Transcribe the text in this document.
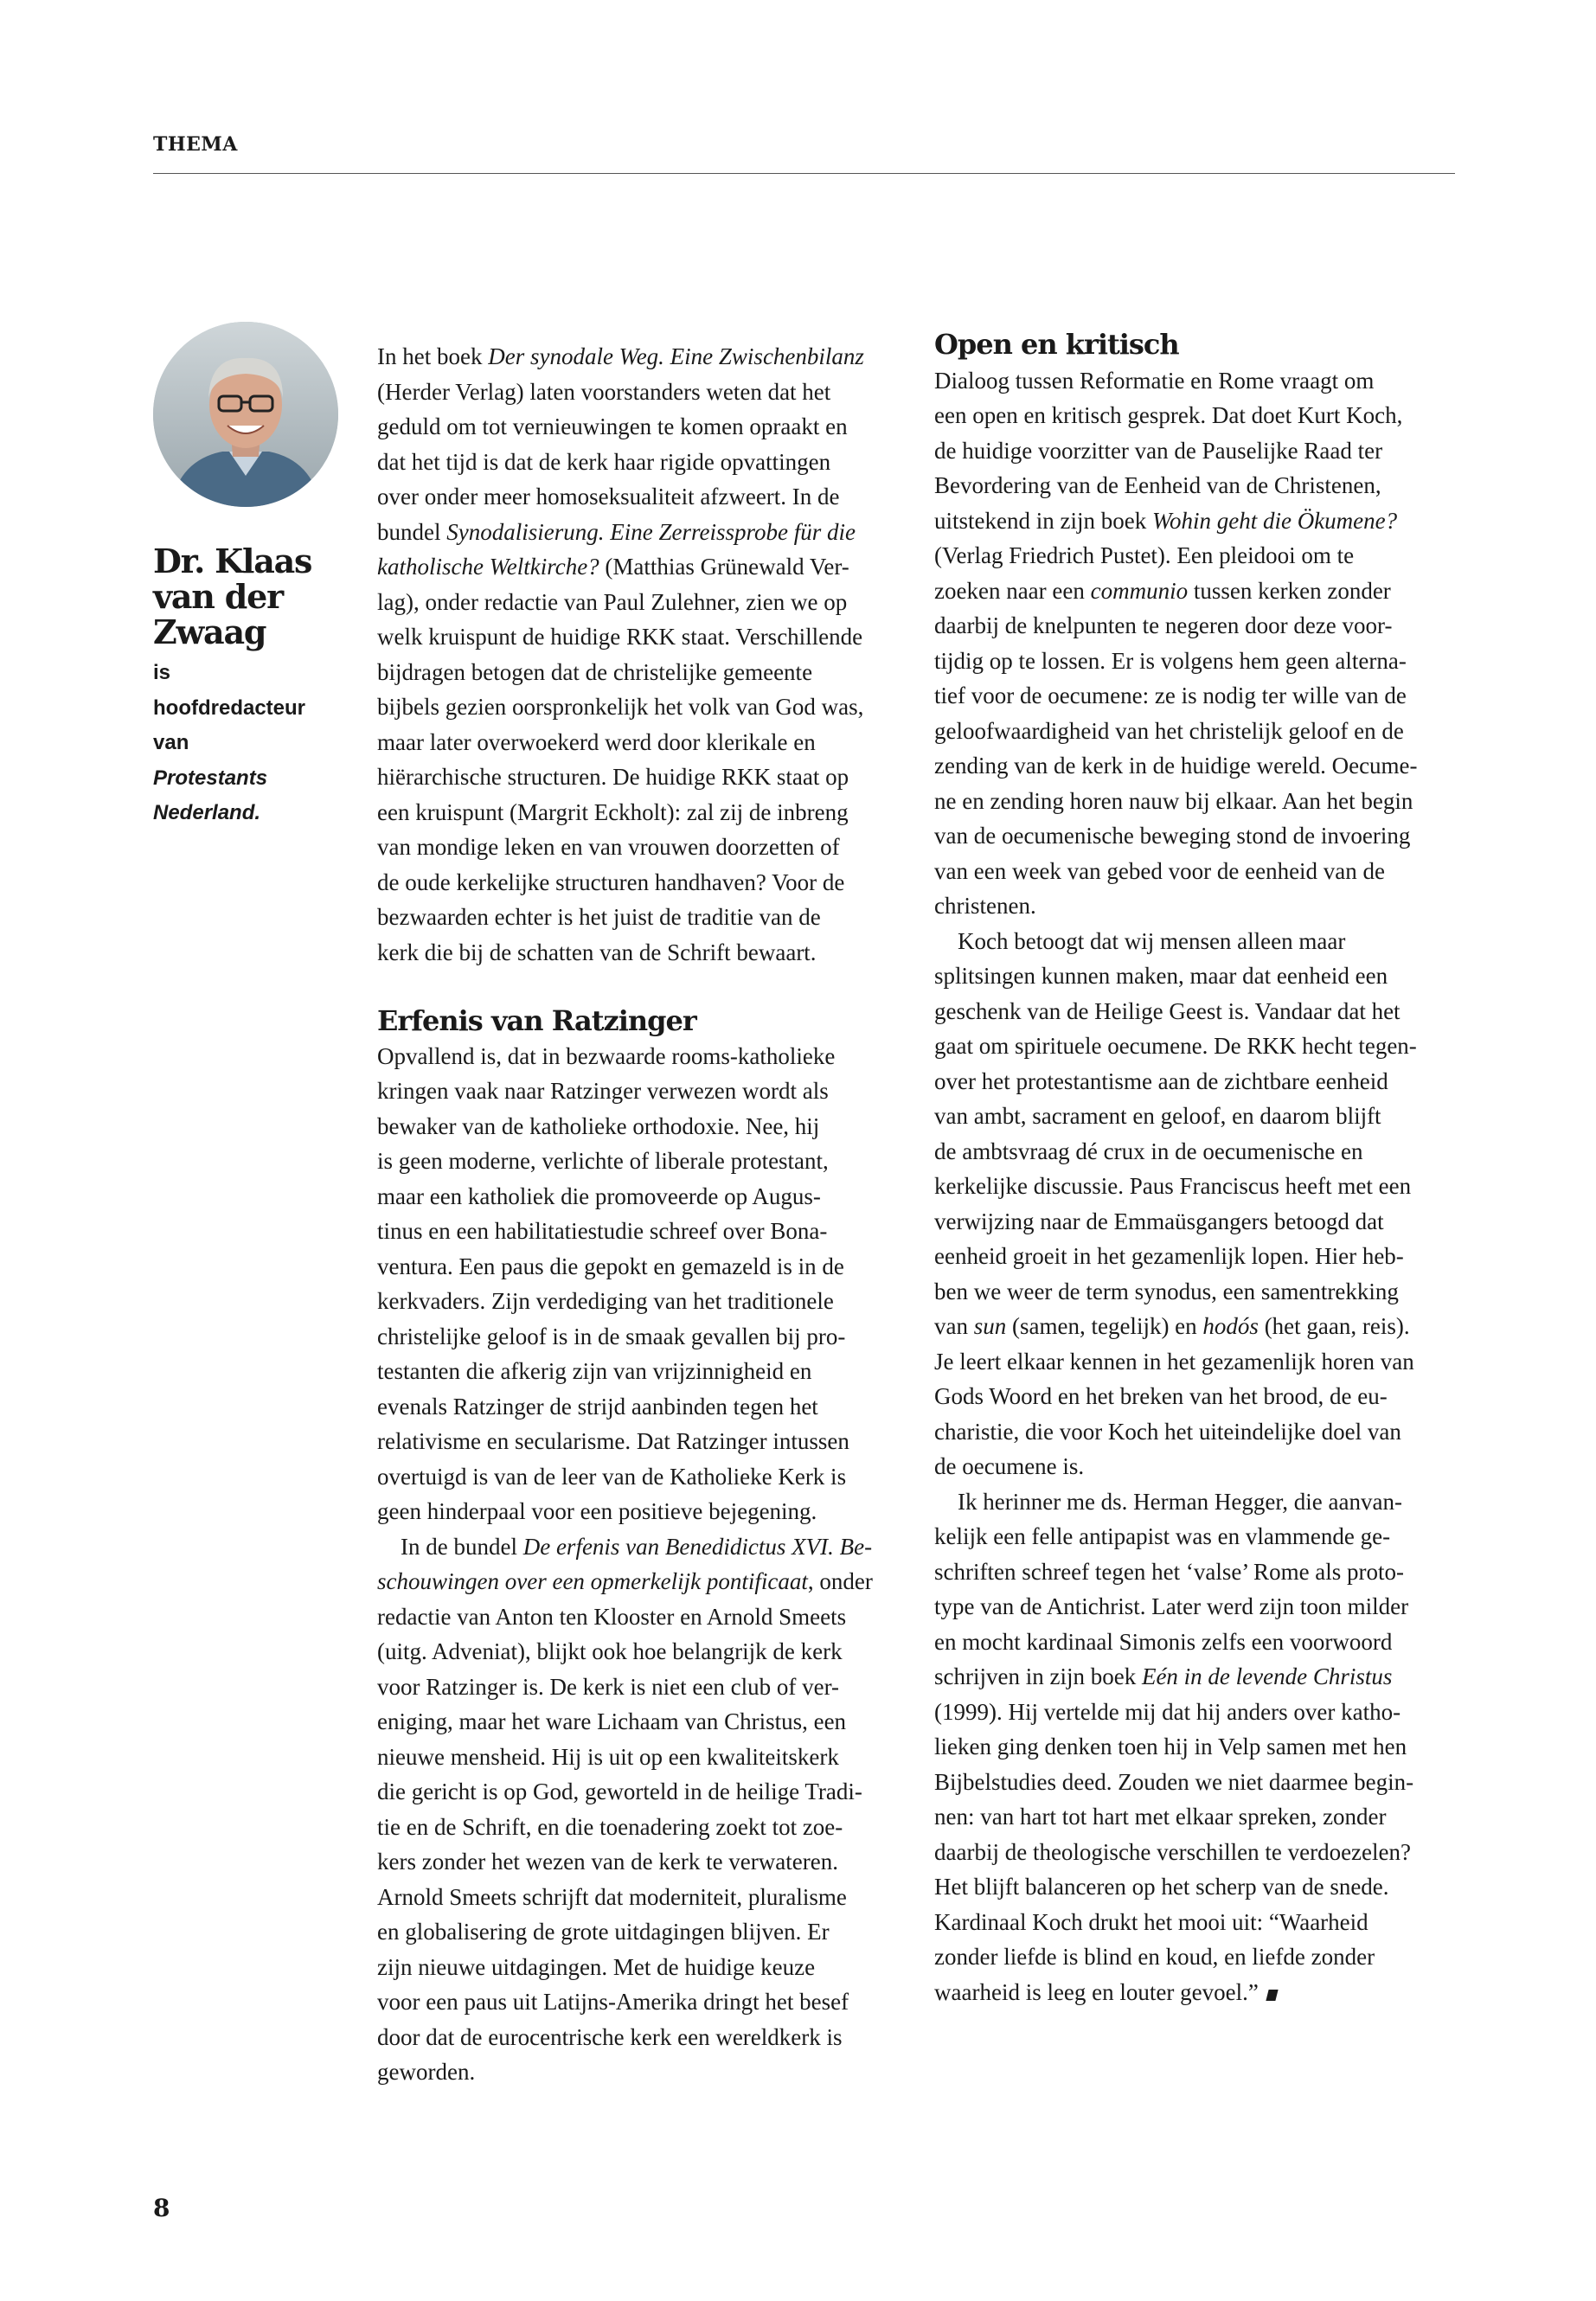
THEMA
Dr. Klaas
van der
Zwaag
is
hoofdredacteur
van
Protestants
Nederland.

In het boek Der synodale Weg. Eine Zwischenbilanz
(Herder Verlag) laten voorstanders weten dat het
geduld om tot vernieuwingen te komen opraakt en
dat het tijd is dat de kerk haar rigide opvattingen
over onder meer homoseksualiteit afzweert. In de
bundel Synodalisierung. Eine Zerreissprobe für die
katholische Weltkirche? (Matthias Grünewald Ver-
lag), onder redactie van Paul Zulehner, zien we op
welk kruispunt de huidige RKK staat. Verschillende
bijdragen betogen dat de christelijke gemeente
bijbels gezien oorspronkelijk het volk van God was,
maar later overwoekerd werd door klerikale en
hiërarchische structuren. De huidige RKK staat op
een kruispunt (Margrit Eckholt): zal zij de inbreng
van mondige leken en van vrouwen doorzetten of
de oude kerkelijke structuren handhaven? Voor de
bezwaarden echter is het juist de traditie van de
kerk die bij de schatten van de Schrift bewaart.

Erfenis van Ratzinger

Opvallend is, dat in bezwaarde rooms-katholieke
kringen vaak naar Ratzinger verwezen wordt als
bewaker van de katholieke orthodoxie. Nee, hij
is geen moderne, verlichte of liberale protestant,
maar een katholiek die promoveerde op Augus-
tinus en een habilitatiestudie schreef over Bona-
ventura. Een paus die gepokt en gemazeld is in de
kerkvaders. Zijn verdediging van het traditionele
christelijke geloof is in de smaak gevallen bij pro-
testanten die afkerig zijn van vrijzinnigheid en
evenals Ratzinger de strijd aanbinden tegen het
relativisme en secularisme. Dat Ratzinger intussen
overtuigd is van de leer van de Katholieke Kerk is
geen hinderpaal voor een positieve bejegening.

In de bundel De erfenis van Benedidictus XVI. Be-
schouwingen over een opmerkelijk pontificaat, onder
redactie van Anton ten Klooster en Arnold Smeets
(uitg. Adveniat), blijkt ook hoe belangrijk de kerk
voor Ratzinger is. De kerk is niet een club of ver-
eniging, maar het ware Lichaam van Christus, een
nieuwe mensheid. Hij is uit op een kwaliteitskerk
die gericht is op God, geworteld in de heilige Tradi-
tie en de Schrift, en die toenadering zoekt tot zoe-
kers zonder het wezen van de kerk te verwateren.
Arnold Smeets schrijft dat moderniteit, pluralisme
en globalisering de grote uitdagingen blijven. Er
zijn nieuwe uitdagingen. Met de huidige keuze
voor een paus uit Latijns-Amerika dringt het besef
door dat de eurocentrische kerk een wereldkerk is
geworden.

Open en kritisch

Dialoog tussen Reformatie en Rome vraagt om
een open en kritisch gesprek. Dat doet Kurt Koch,
de huidige voorzitter van de Pauselijke Raad ter
Bevordering van de Eenheid van de Christenen,
uitstekend in zijn boek Wohin geht die Ökumene?
(Verlag Friedrich Pustet). Een pleidooi om te
zoeken naar een communio tussen kerken zonder
daarbij de knelpunten te negeren door deze voor-
tijdig op te lossen. Er is volgens hem geen alterna-
tief voor de oecumene: ze is nodig ter wille van de
geloofwaardigheid van het christelijk geloof en de
zending van de kerk in de huidige wereld. Oecume-
ne en zending horen nauw bij elkaar. Aan het begin
van de oecumenische beweging stond de invoering
van een week van gebed voor de eenheid van de
christenen.

Koch betoogt dat wij mensen alleen maar
splitsingen kunnen maken, maar dat eenheid een
geschenk van de Heilige Geest is. Vandaar dat het
gaat om spirituele oecumene. De RKK hecht tegen-
over het protestantisme aan de zichtbare eenheid
van ambt, sacrament en geloof, en daarom blijft
de ambtsvraag dé crux in de oecumenische en
kerkelijke discussie. Paus Franciscus heeft met een
verwijzing naar de Emmaüsgangers betoogd dat
eenheid groeit in het gezamenlijk lopen. Hier heb-
ben we weer de term synodus, een samentrekking
van sun (samen, tegelijk) en hodós (het gaan, reis).
Je leert elkaar kennen in het gezamenlijk horen van
Gods Woord en het breken van het brood, de eu-
charistie, die voor Koch het uiteindelijke doel van
de oecumene is.

Ik herinner me ds. Herman Hegger, die aanvan-
kelijk een felle antipapist was en vlammende ge-
schriften schreef tegen het ‘valse’ Rome als proto-
type van de Antichrist. Later werd zijn toon milder
en mocht kardinaal Simonis zelfs een voorwoord
schrijven in zijn boek Eén in de levende Christus
(1999). Hij vertelde mij dat hij anders over katho-
lieken ging denken toen hij in Velp samen met hen
Bijbelstudies deed. Zouden we niet daarmee begin-
nen: van hart tot hart met elkaar spreken, zonder
daarbij de theologische verschillen te verdoezelen?
Het blijft balanceren op het scherp van de snede.
Kardinaal Koch drukt het mooi uit: “Waarheid
zonder liefde is blind en koud, en liefde zonder
waarheid is leeg en louter gevoel.”

8
